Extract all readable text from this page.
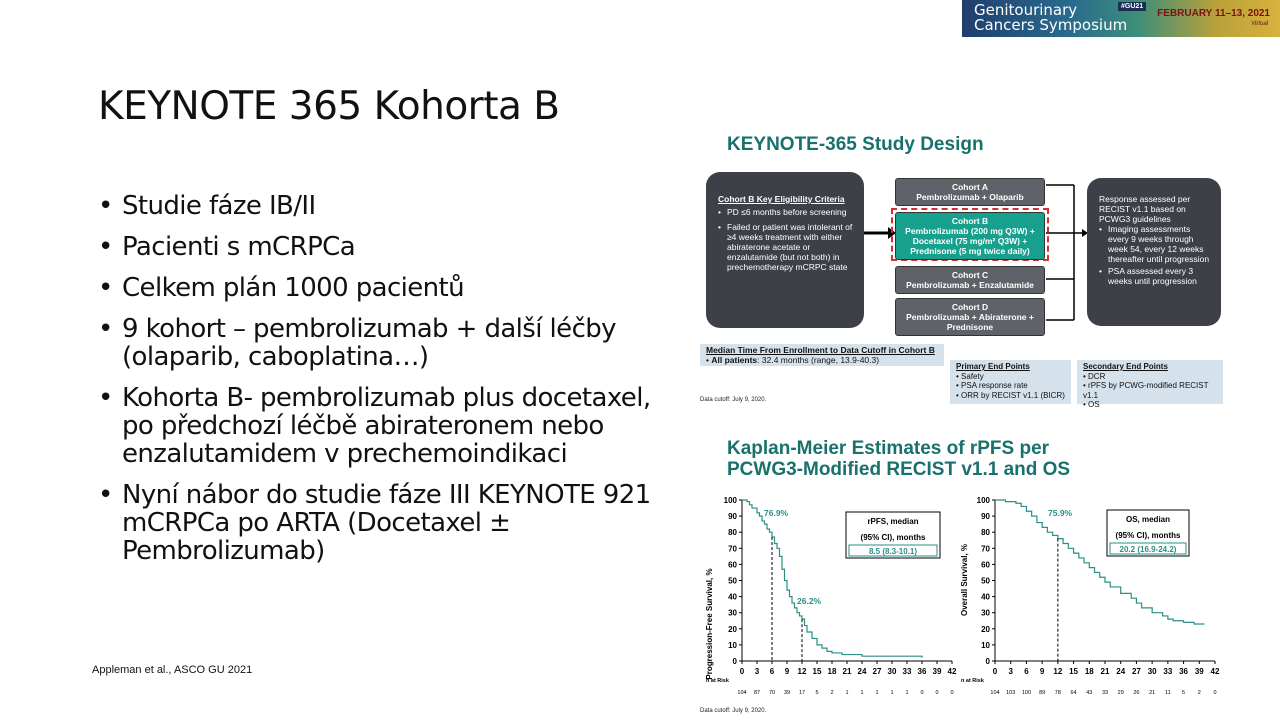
Genitourinary
Cancers Symposium
#GU21
FEBRUARY 11–13, 2021
Virtual
KEYNOTE 365 Kohorta B
• Studie fáze IB/II
• Pacienti s mCRPCa
• Celkem plán 1000 pacientů
• 9 kohort – pembrolizumab + další léčby (olaparib, caboplatina…)
• Kohorta B- pembrolizumab plus docetaxel, po předchozí léčbě abirateronem nebo enzalutamidem v prechemoindikaci
• Nyní nábor do studie fáze III KEYNOTE 921 mCRPCa po ARTA (Docetaxel ± Pembrolizumab)
Appleman et al., ASCO GU 2021
KEYNOTE-365 Study Design
Cohort B Key Eligibility Criteria
• PD ≤6 months before screening
• Failed or patient was intolerant of ≥4 weeks treatment with either abiraterone acetate or enzalutamide (but not both) in prechemotherapy mCRPC state
Cohort A
Pembrolizumab + Olaparib
Cohort B
Pembrolizumab (200 mg Q3W) +
Docetaxel (75 mg/m² Q3W) +
Prednisone (5 mg twice daily)
Cohort C
Pembrolizumab + Enzalutamide
Cohort D
Pembrolizumab + Abiraterone +
Prednisone
Response assessed per RECIST v1.1 based on PCWG3 guidelines
• Imaging assessments every 9 weeks through week 54, every 12 weeks thereafter until progression
• PSA assessed every 3 weeks until progression
Median Time From Enrollment to Data Cutoff in Cohort B
• All patients: 32.4 months (range, 13.9-40.3)
Primary End Points
• Safety
• PSA response rate
• ORR by RECIST v1.1 (BICR)
Secondary End Points
• DCR
• rPFS by PCWG-modified RECIST v1.1
• OS
Data cutoff: July 9, 2020.
Kaplan-Meier Estimates of rPFS per
PCWG3-Modified RECIST v1.1 and OS
Progression-Free Survival, %
100
90
80
70
60
50
40
30
20
10
0
0 3 6 9 12 15 18 21 24 27 30 33 36 39 42
76.9%
26.2%
rPFS, median
(95% CI), months
8.5 (8.3-10.1)
n at Risk
104 87 70 39 17 5 2 1 1 1 1 1 0 0 0
Overall Survival, %
100
90
80
70
60
50
40
30
20
10
0
0 3 6 9 12 15 18 21 24 27 30 33 36 39 42
75.9%
OS, median
(95% CI), months
20.2 (16.9-24.2)
n at Risk
104 103 100 89 78 64 43 33 29 26 21 11 5 2 0
Data cutoff: July 9, 2020.
